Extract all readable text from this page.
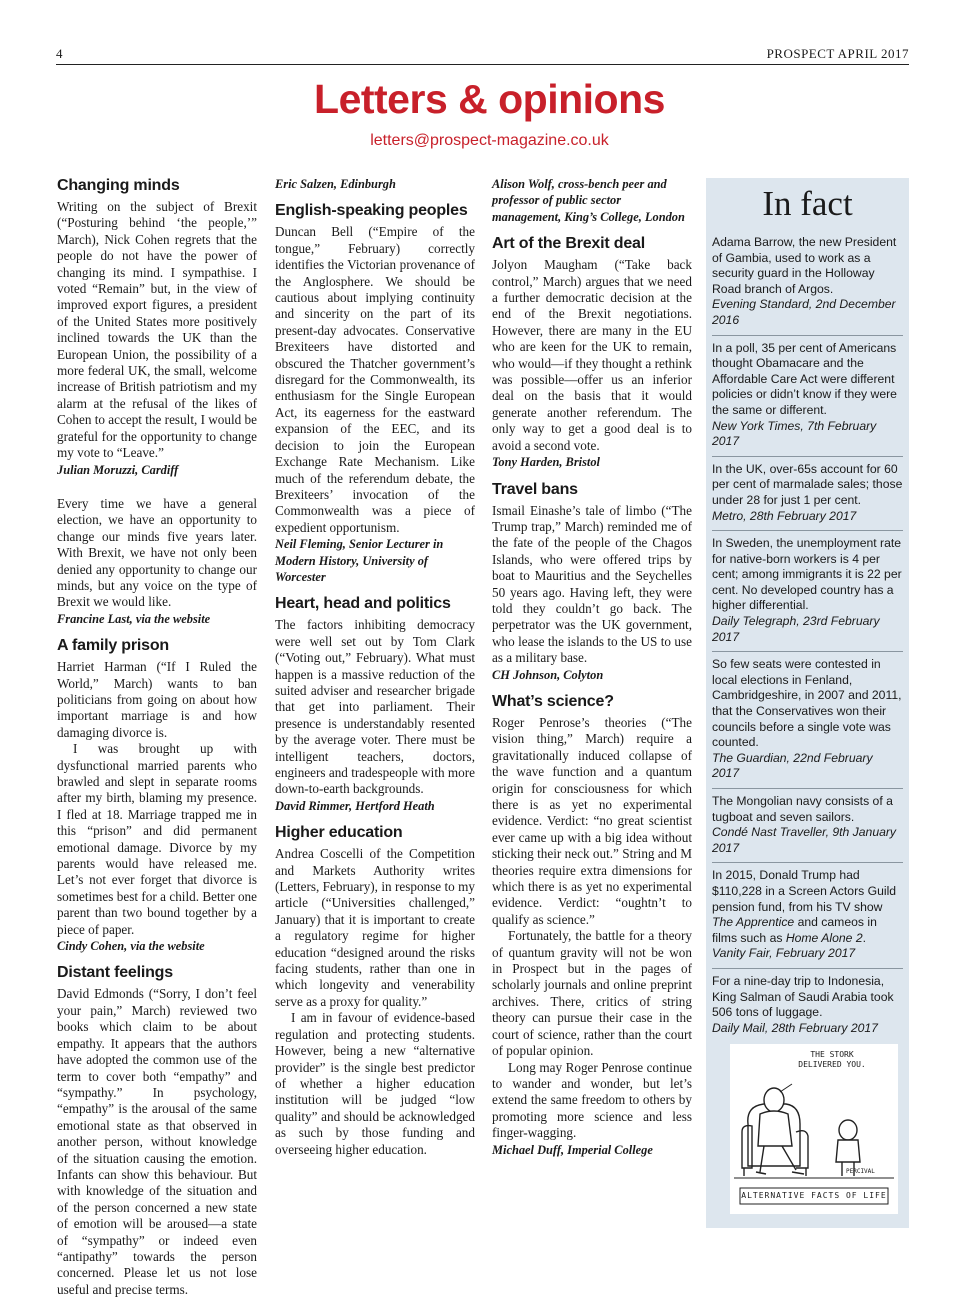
4	PROSPECT APRIL 2017
Letters & opinions
letters@prospect-magazine.co.uk
Changing minds

Writing on the subject of Brexit (“Posturing behind ‘the people,’” March), Nick Cohen regrets that the people do not have the power of changing its mind. I sympathise. I voted “Remain” but, in the view of improved export figures, a president of the United States more positively inclined towards the UK than the European Union, the possibility of a more federal UK, the small, welcome increase of British patriotism and my alarm at the refusal of the likes of Cohen to accept the result, I would be grateful for the opportunity to change my vote to “Leave.”

Julian Moruzzi, Cardiff

Every time we have a general election, we have an opportunity to change our minds five years later. With Brexit, we have not only been denied any opportunity to change our minds, but any voice on the type of Brexit we would like.

Francine Last, via the website

A family prison

Harriet Harman (“If I Ruled the World,” March) wants to ban politicians from going on about how important marriage is and how damaging divorce is.

I was brought up with dysfunctional married parents who brawled and slept in separate rooms after my birth, blaming my presence. I fled at 18. Marriage trapped me in this “prison” and did permanent emotional damage. Divorce by my parents would have released me. Let’s not ever forget that divorce is sometimes best for a child. Better one parent than two bound together by a piece of paper.

Cindy Cohen, via the website

Distant feelings

David Edmonds (“Sorry, I don’t feel your pain,” March) reviewed two books which claim to be about empathy. It appears that the authors have adopted the common use of the term to cover both “empathy” and “sympathy.” In psychology, “empathy” is the arousal of the same emotional state as that observed in another person, without knowledge of the situation causing the emotion. Infants can show this behaviour. But with knowledge of the situation and of the person concerned a new state of emotion will be aroused—a state of “sympathy” or indeed even “antipathy” towards the person concerned. Please let us not lose useful and precise terms.

Eric Salzen, Edinburgh

English-speaking peoples

Duncan Bell (“Empire of the tongue,” February) correctly identifies the Victorian provenance of the Anglosphere. We should be cautious about implying continuity and sincerity on the part of its present-day advocates. Conservative Brexiteers have distorted and obscured the Thatcher government’s disregard for the Commonwealth, its enthusiasm for the Single European Act, its eagerness for the eastward expansion of the EEC, and its decision to join the European Exchange Rate Mechanism. Like much of the referendum debate, the Brexiteers’ invocation of the Commonwealth was a piece of expedient opportunism.

Neil Fleming, Senior Lecturer in Modern History, University of Worcester

Heart, head and politics

The factors inhibiting democracy were well set out by Tom Clark (“Voting out,” February). What must happen is a massive reduction of the suited adviser and researcher brigade that get into parliament. Their presence is understandably resented by the average voter. There must be intelligent teachers, doctors, engineers and tradespeople with more down-to-earth backgrounds.

David Rimmer, Hertford Heath

Higher education

Andrea Coscelli of the Competition and Markets Authority writes (Letters, February), in response to my article (“Universities challenged,” January) that it is important to create a regulatory regime for higher education “designed around the risks facing students, rather than one in which longevity and venerability serve as a proxy for quality.”

I am in favour of evidence-based regulation and protecting students. However, being a new “alternative provider” is the single best predictor of whether a higher education institution will be judged “low quality” and should be acknowledged as such by those funding and overseeing higher education.

Alison Wolf, cross-bench peer and professor of public sector management, King’s College, London

Art of the Brexit deal

Jolyon Maugham (“Take back control,” March) argues that we need a further democratic decision at the end of the Brexit negotiations. However, there are many in the EU who are keen for the UK to remain, who would—if they thought a rethink was possible—offer us an inferior deal on the basis that it would generate another referendum. The only way to get a good deal is to avoid a second vote.

Tony Harden, Bristol

Travel bans

Ismail Einashe’s tale of limbo (“The Trump trap,” March) reminded me of the fate of the people of the Chagos Islands, who were offered trips by boat to Mauritius and the Seychelles 50 years ago. Having left, they were told they couldn’t go back. The perpetrator was the UK government, who lease the islands to the US to use as a military base.

CH Johnson, Colyton

What’s science?

Roger Penrose’s theories (“The vision thing,” March) require a gravitationally induced collapse of the wave function and a quantum origin for consciousness for which there is as yet no experimental evidence. Verdict: “no great scientist ever came up with a big idea without sticking their neck out.” String and M theories require extra dimensions for which there is as yet no experimental evidence. Verdict: “oughtn’t to qualify as science.”

Fortunately, the battle for a theory of quantum gravity will not be won in Prospect but in the pages of scholarly journals and online preprint archives. There, critics of string theory can pursue their case in the court of science, rather than the court of popular opinion.

Long may Roger Penrose continue to wander and wonder, but let’s extend the same freedom to others by promoting more science and less finger-wagging.

Michael Duff, Imperial College

In fact
Adama Barrow, the new President of Gambia, used to work as a security guard in the Holloway Road branch of Argos.
Evening Standard, 2nd December 2016
In a poll, 35 per cent of Americans thought Obamacare and the Affordable Care Act were different policies or didn’t know if they were the same or different.
New York Times, 7th February 2017
In the UK, over-65s account for 60 per cent of marmalade sales; those under 28 for just 1 per cent.
Metro, 28th February 2017
In Sweden, the unemployment rate for native-born workers is 4 per cent; among immigrants it is 22 per cent. No developed country has a higher differential.
Daily Telegraph, 23rd February 2017
So few seats were contested in local elections in Fenland, Cambridgeshire, in 2007 and 2011, that the Conservatives won their councils before a single vote was counted.
The Guardian, 22nd February 2017
The Mongolian navy consists of a tugboat and seven sailors.
Condé Nast Traveller, 9th January 2017
In 2015, Donald Trump had $110,228 in a Screen Actors Guild pension fund, from his TV show The Apprentice and cameos in films such as Home Alone 2.
Vanity Fair, February 2017
For a nine-day trip to Indonesia, King Salman of Saudi Arabia took 506 tons of luggage.
Daily Mail, 28th February 2017
THE STORK DELIVERED YOU.
PERCIVAL
ALTERNATIVE FACTS OF LIFE
